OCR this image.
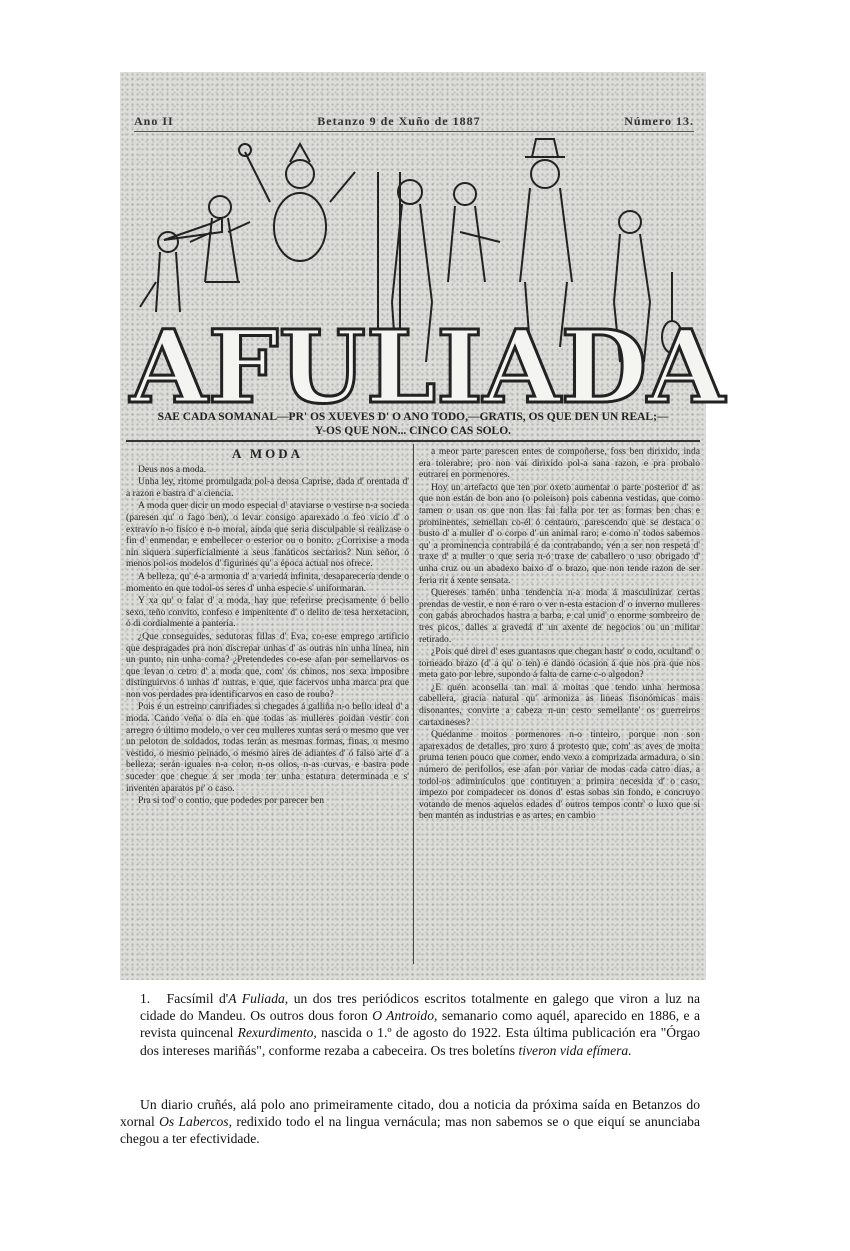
Ano II	Betanzo 9 de Xuño de 1887	Número 13.
A F U L I A D A
SAE CADA SOMANAL—PR' OS XUEVES D' O ANO TODO,—GRATIS, OS QUE DEN UN REAL;—
Y-OS QUE NON... CINCO CAS SOLO.
A MODA

Deus nos a moda.

Unha ley, ritome promulgada pol-a deosa Caprise, dada d' orentada d' a razon e bastra d' a ciencia.

A moda quer dicir un modo especial d' ataviarse o vestirse n-a socieda (paresen qu' o fago ben), o levar consigo aparexado o feo vicio d' o extravío n-o fisico e n-o moral, ainda que seria disculpable si realizase o fin d' enmendar, e embellecer o esterior ou o bonito. ¿Corrixise a moda nin siquera superficialmente a seus fanáticos sectarios? Nun señor, ó menos pol-os modelos d' figurines qu' a época actual nos ofrece.

A belleza, qu' é-a armonia d' a variedá infinita, desaparecería dende o momento en que todol-os seres d' unha especie s' uniformaran.

Y xa qu' o falar d' a moda, hay que referirse precisamente ó bello sexo, teño convito, confeso e impenitente d' o delito de tesa herxetacion, ó di cordialmente a pantería.

¿Que conseguides, sedutoras fillas d' Eva, co-ese emprego artificio que despragades pra non discrepar unhas d' as outras nin unha linea, nin un punto, nin unha coma? ¿Pretendedes co-ese afan por semellarvos os que levan o cetro d' a moda que, com' ós chinos, nos sexa imposibre distinguirvos ó unhas d' outras, e que, que facervos unha marca pra que non vos perdades pra identificarvos en caso de roubo?

Pois é un estreino canrifiades si chegades á galliña n-o bello ideal d' a moda. Cando veña o dia en que todas as mulleres poidan vestir con arregro ó último modelo, o ver ceu mulleres xuntas será o mesmo que ver un peloton de soldados, todas terán as mesmas formas, finas, o mesmo vestido, o mesmo peinado, o mesmo aires de adiantes d' ó falso arte d' a belleza; serán iguales n-a color, n-os ollos, n-as curvas, e bastra pode suceder que chegue á ser moda ter unha estatura determinada e s' inventen aparatos pr' o caso.

Pra si tod' o contio, que podedes por parecer ben

a meor parte parescen entes de compoñerse, foss ben dirixido, inda era tolerabre; pro non vai dirixido pol-a sana razon, e pra probalo eutrarei en pormenores.

Hoy un artefacto que ten por oxeto aumentar o parte posterior d' as que non están de bon ano (o poleison) pois cabenna vestidas, que como tamen o usan os que non llas fai falla por ter as formas ben chas e prominentes, semellan co-él ó centauro, parescendo que se destaca o busto d' a muller d' o corpo d' un animal raro; e como n' todos sabemos qu' a prominencia contrabilá é da contrabando, vén a ser non respetá d' traxe d' a muller o que seria n-ó traxe de caballero o uso obrigado d' unha cruz ou un abadexo baixo d' o brazo, que non tende razon de ser feria rir á xente sensata.

Quereses tamén unha tendencia n-a moda á masculinizar certas prendas de vestir, e non é raro o ver n-esta estacion d' o inverno mulleres con gabás abrochados hastra a barba, e cal unid' o enorme sombreiro de tres picos, dalles a gravedá d' un axente de negocios ou un militar retirado.

¿Pois qué direi d' eses guantasos que chegan hastr' o codo, ocultand' o torneado brazo (d' a qu' o ten) e dando ocasion á que nos pra que nos meta gato por lebre, supondo á falta de carne c-o algodon?

¿E quén aconsella tan mal á moitas que tendo unha hermosa cabellera, gracia natural qu' armoniza as lineas fisonómicas mais disonantes, convirte a cabeza n-un cesto semellante' os guerreiros cartaxineses?

Quédanme moitos pormenores n-o tinteiro, porque non son aparexados de detalles, pro xuro á protesto que, com' as aves de moita pruma tenen pouco que comer, endo vexo a comprizada armadura, o sin número de perifollos, ese afan por variar de modas cada catro días, a todol-os adiminículos que contituyen a primira necesida d' o caso, impezo por compadecer os donos d' estas sobas sin fondo, e concruyo votando de menos aquelos edades d' outros tempos contr' o luxo que si ben mantén as industrias e as artes, en cambio

1. Facsímil d'A Fuliada, un dos tres periódicos escritos totalmente en galego que viron a luz na cidade do Mandeu. Os outros dous foron O Antroido, semanario como aquél, aparecido en 1886, e a revista quincenal Rexurdimento, nascida o 1.º de agosto do 1922. Esta última publicación era "Órgao dos intereses mariñás", conforme rezaba a cabeceira. Os tres boletíns tiveron vida efímera.
Un diario cruñés, alá polo ano primeiramente citado, dou a noticia da próxima saída en Betanzos do xornal Os Labercos, redixido todo el na lingua vernácula; mas non sabemos se o que eiquí se anunciaba chegou a ter efectividade.
